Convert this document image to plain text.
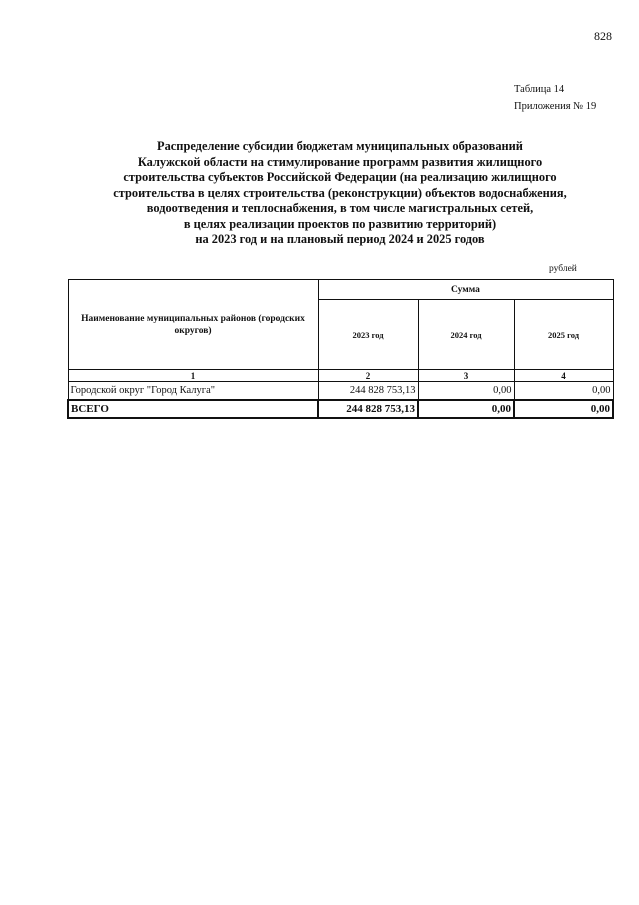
828
Таблица 14
Приложения № 19
Распределение субсидии бюджетам муниципальных образований
Калужской области на стимулирование программ развития жилищного
строительства субъектов Российской Федерации (на реализацию жилищного
строительства в целях строительства (реконструкции) объектов водоснабжения,
водоотведения и теплоснабжения, в том числе магистральных сетей,
в целях реализации проектов по развитию территорий)
на 2023 год и на плановый период 2024 и 2025 годов
рублей
Наименование муниципальных районов (городских округов)	Сумма		
	2023 год	2024 год	2025 год
1	2	3	4
Городской округ "Город Калуга"	244 828 753,13	0,00	0,00
ВСЕГО	244 828 753,13	0,00	0,00
